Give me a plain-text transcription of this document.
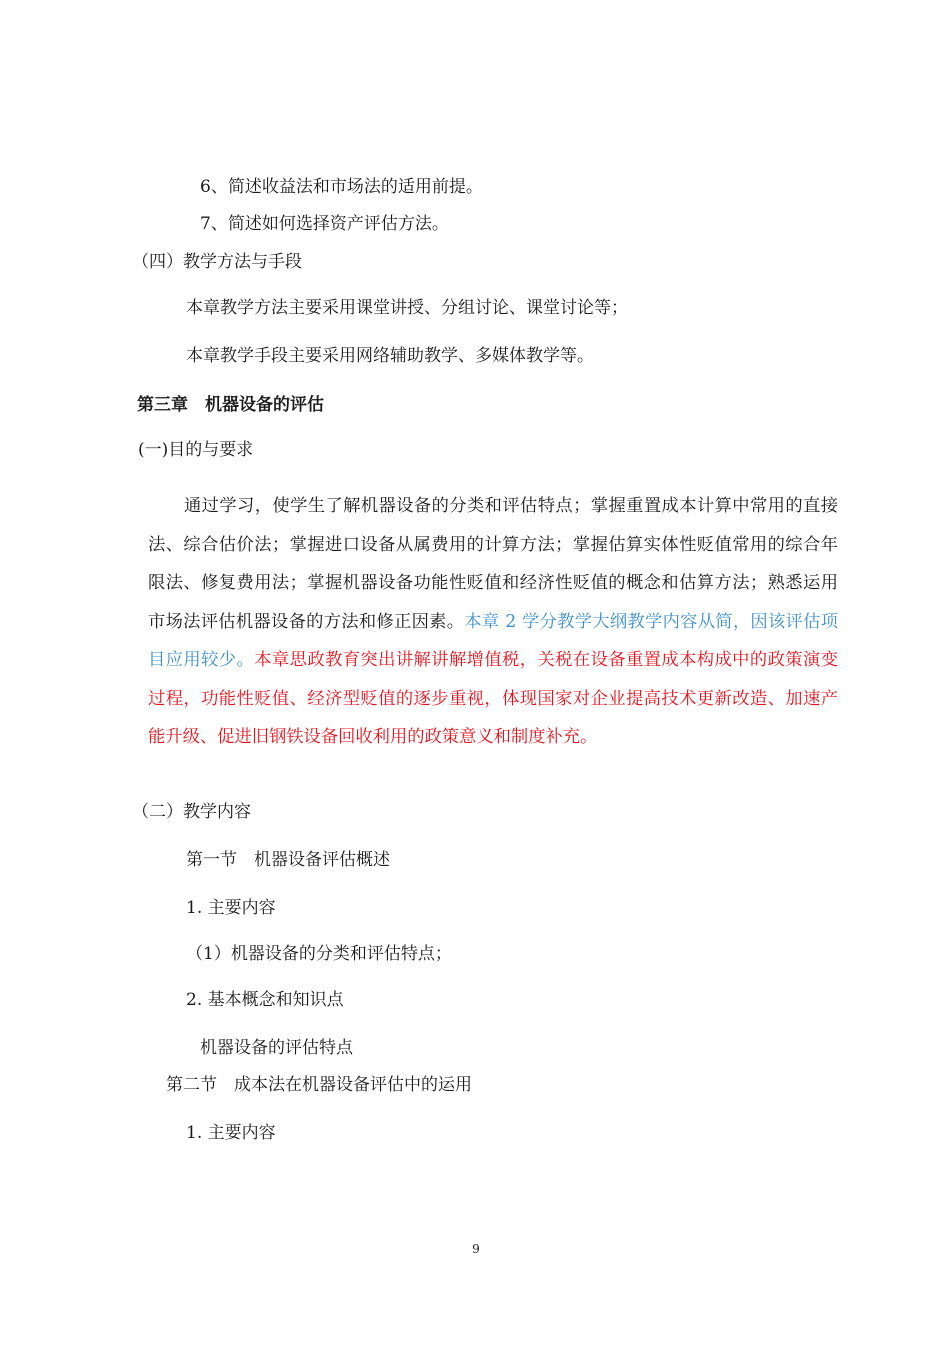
6、简述收益法和市场法的适用前提。
7、简述如何选择资产评估方法。
（四）教学方法与手段
本章教学方法主要采用课堂讲授、分组讨论、课堂讨论等；
本章教学手段主要采用网络辅助教学、多媒体教学等。
第三章　机器设备的评估
(一)目的与要求
通过学习，使学生了解机器设备的分类和评估特点；掌握重置成本计算中常用的直接法、综合估价法；掌握进口设备从属费用的计算方法；掌握估算实体性贬值常用的综合年限法、修复费用法；掌握机器设备功能性贬值和经济性贬值的概念和估算方法；熟悉运用市场法评估机器设备的方法和修正因素。本章 2 学分教学大纲教学内容从简，因该评估项目应用较少。本章思政教育突出讲解讲解增值税，关税在设备重置成本构成中的政策演变过程，功能性贬值、经济型贬值的逐步重视，体现国家对企业提高技术更新改造、加速产能升级、促进旧钢铁设备回收利用的政策意义和制度补充。
（二）教学内容
第一节　机器设备评估概述
1. 主要内容
（1）机器设备的分类和评估特点；
2. 基本概念和知识点
机器设备的评估特点
第二节　成本法在机器设备评估中的运用
1. 主要内容
9
